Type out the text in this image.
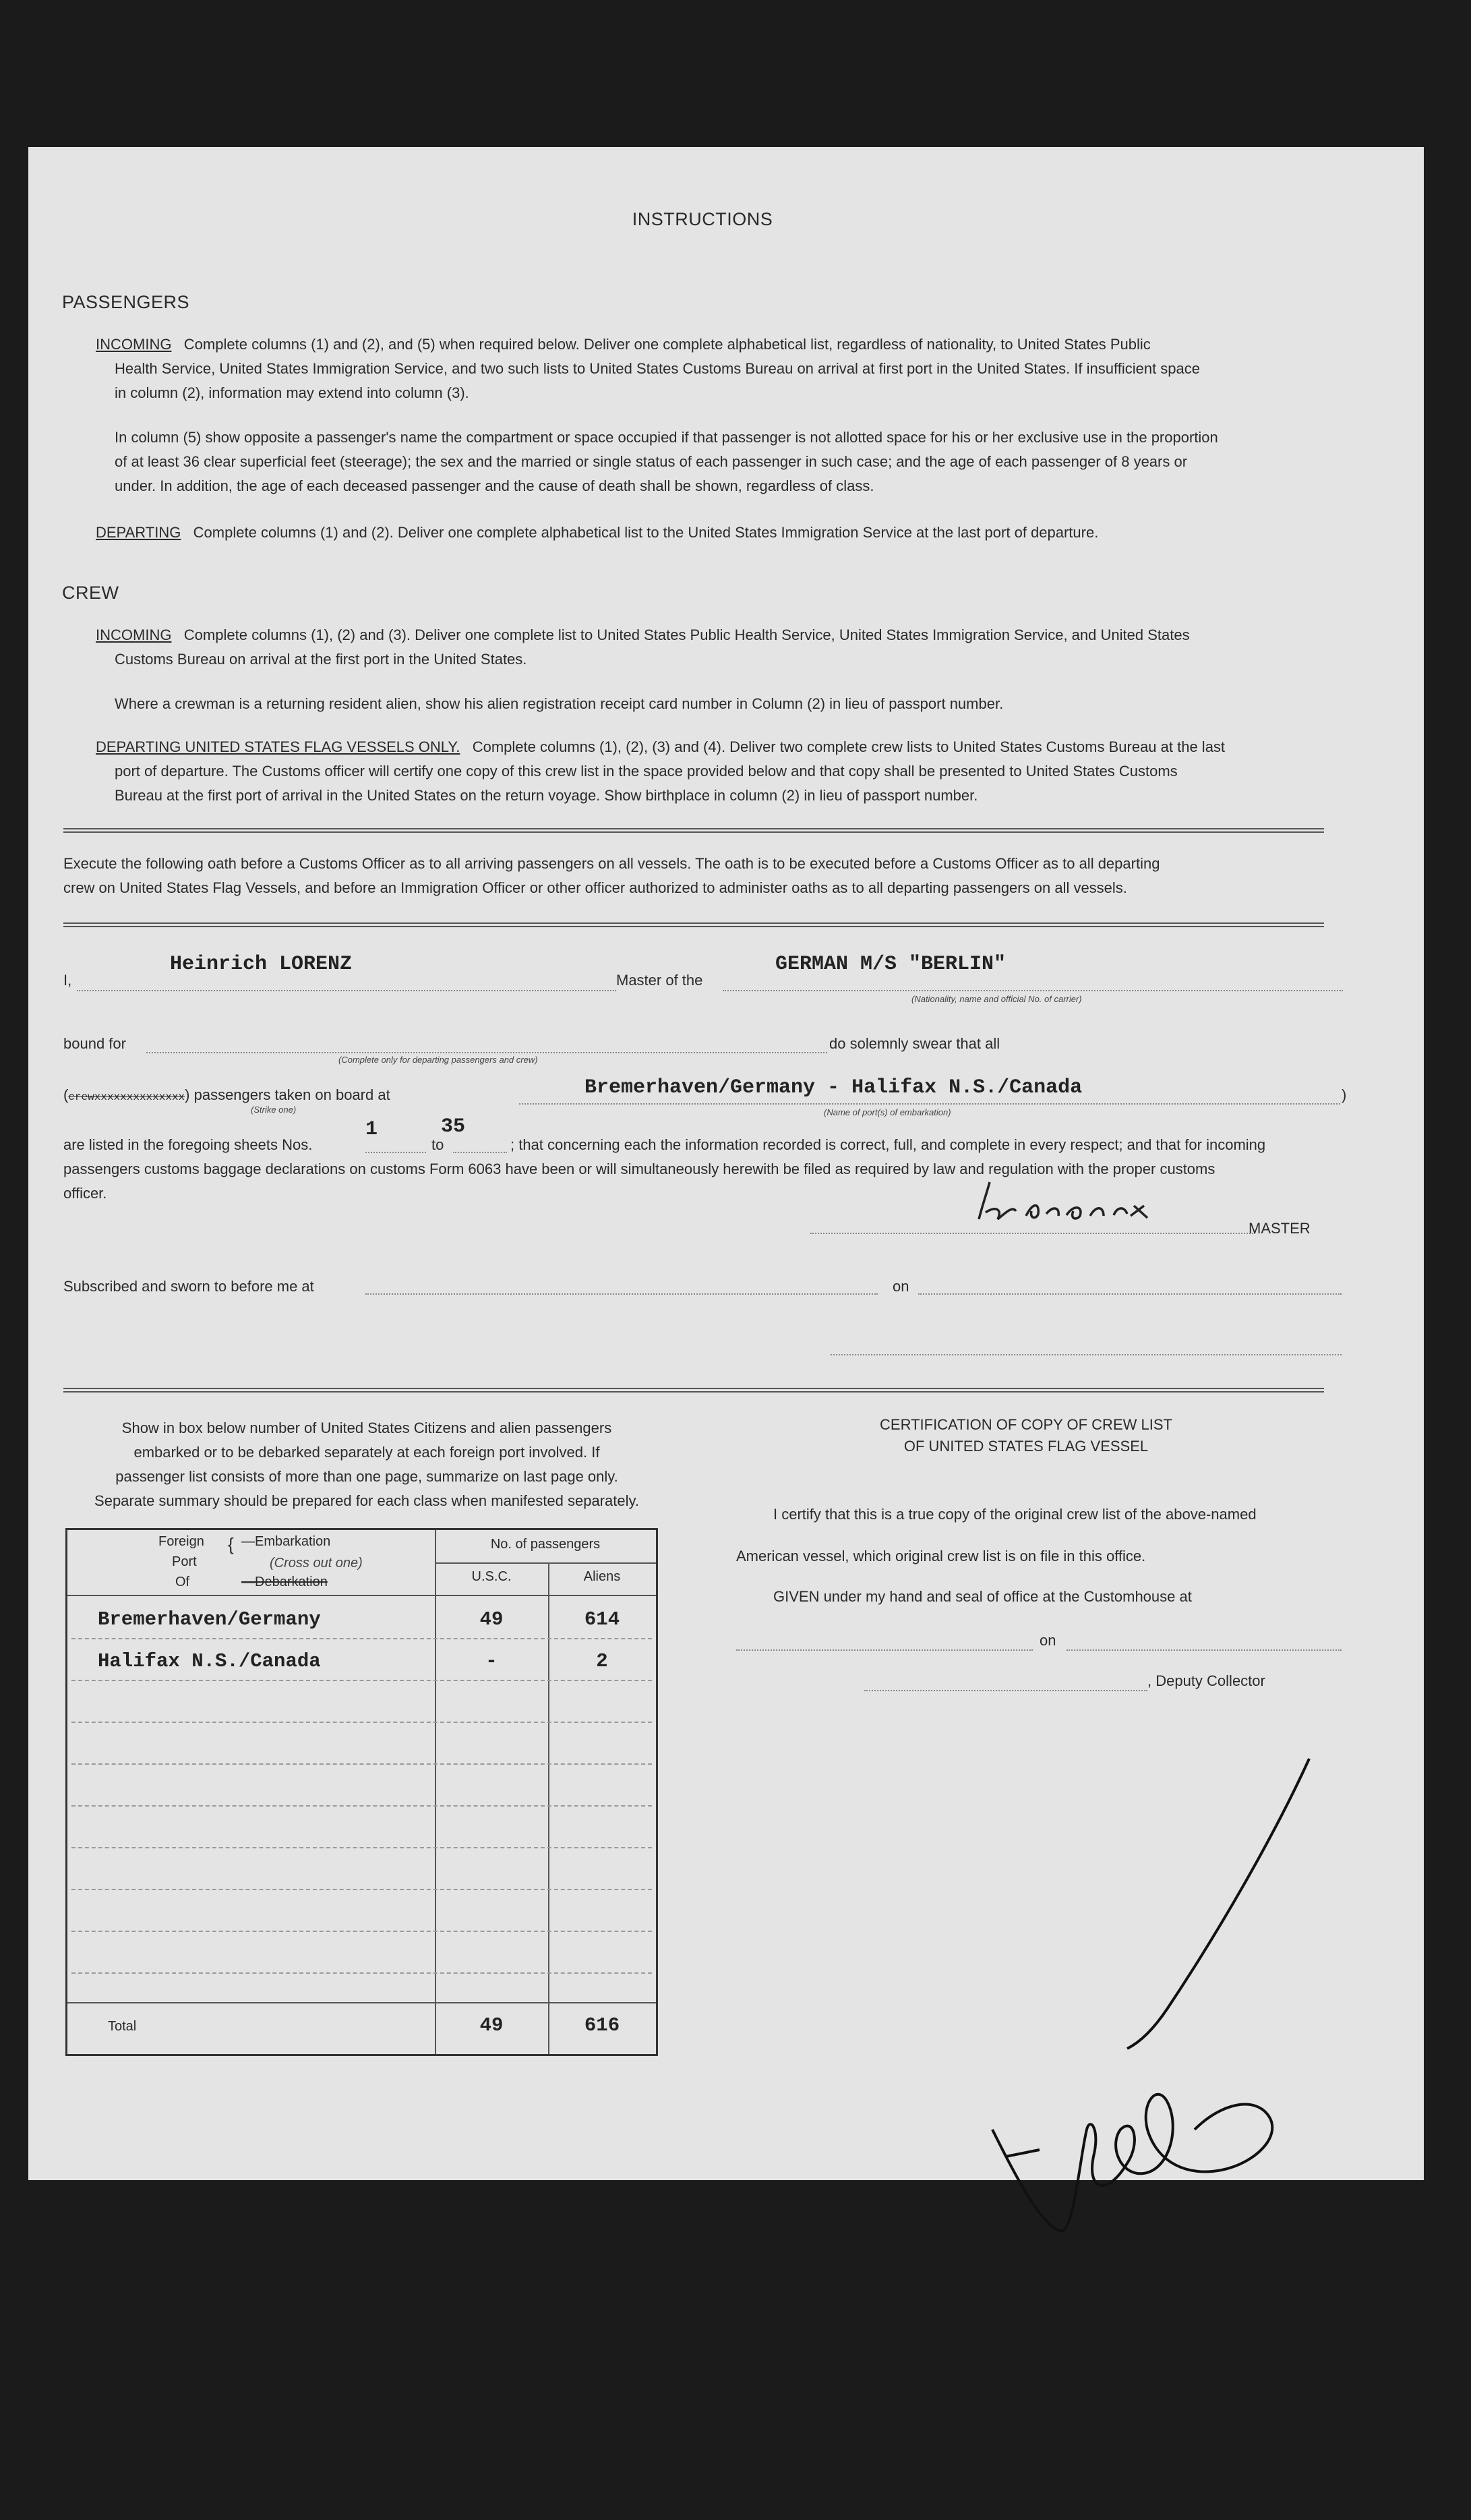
INSTRUCTIONS
PASSENGERS
INCOMING Complete columns (1) and (2), and (5) when required below. Deliver one complete alphabetical list, regardless of nationality, to United States Public
Health Service, United States Immigration Service, and two such lists to United States Customs Bureau on arrival at first port in the United States. If insufficient space
in column (2), information may extend into column (3).
In column (5) show opposite a passenger's name the compartment or space occupied if that passenger is not allotted space for his or her exclusive use in the proportion
of at least 36 clear superficial feet (steerage); the sex and the married or single status of each passenger in such case; and the age of each passenger of 8 years or
under. In addition, the age of each deceased passenger and the cause of death shall be shown, regardless of class.
DEPARTING Complete columns (1) and (2). Deliver one complete alphabetical list to the United States Immigration Service at the last port of departure.
CREW
INCOMING Complete columns (1), (2) and (3). Deliver one complete list to United States Public Health Service, United States Immigration Service, and United States
Customs Bureau on arrival at the first port in the United States.
Where a crewman is a returning resident alien, show his alien registration receipt card number in Column (2) in lieu of passport number.
DEPARTING UNITED STATES FLAG VESSELS ONLY. Complete columns (1), (2), (3) and (4). Deliver two complete crew lists to United States Customs Bureau at the last
port of departure. The Customs officer will certify one copy of this crew list in the space provided below and that copy shall be presented to United States Customs
Bureau at the first port of arrival in the United States on the return voyage. Show birthplace in column (2) in lieu of passport number.
Execute the following oath before a Customs Officer as to all arriving passengers on all vessels. The oath is to be executed before a Customs Officer as to all departing
crew on United States Flag Vessels, and before an Immigration Officer or other officer authorized to administer oaths as to all departing passengers on all vessels.
I,
Heinrich LORENZ
Master of the
GERMAN M/S "BERLIN"
(Nationality, name and official No. of carrier)
bound for
(Complete only for departing passengers and crew)
do solemnly swear that all
(crewxxxxxxxxxxxxxx) passengers taken on board at
(Strike one)
Bremerhaven/Germany - Halifax N.S./Canada
(Name of port(s) of embarkation)
)
are listed in the foregoing sheets Nos.
1
to
35
; that concerning each the information recorded is correct, full, and complete in every respect; and that for incoming
passengers customs baggage declarations on customs Form 6063 have been or will simultaneously herewith be filed as required by law and regulation with the proper customs
officer.
MASTER
Subscribed and sworn to before me at	on
Show in box below number of United States Citizens and alien passengers
embarked or to be debarked separately at each foreign port involved. If
passenger list consists of more than one page, summarize on last page only.
Separate summary should be prepared for each class when manifested separately.
Foreign
Port
Of
{ —Embarkation
(Cross out one)
—Debarkation
No. of passengers
U.S.C.	Aliens
Bremerhaven/Germany	49	614
Halifax N.S./Canada	-	2
Total	49	616
CERTIFICATION OF COPY OF CREW LIST
OF UNITED STATES FLAG VESSEL
I certify that this is a true copy of the original crew list of the above-named
American vessel, which original crew list is on file in this office.
GIVEN under my hand and seal of office at the Customhouse at
on
, Deputy Collector
